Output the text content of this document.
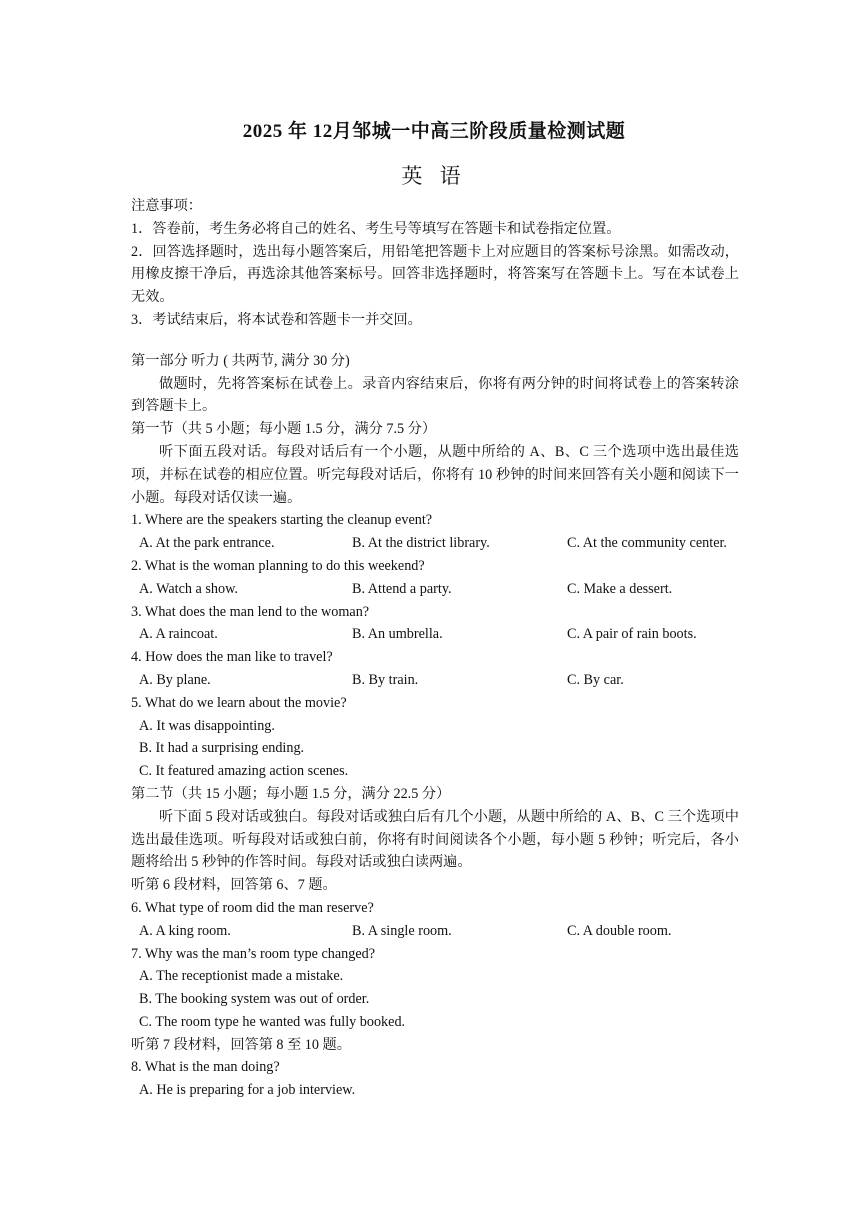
2025 年 12月邹城一中高三阶段质量检测试题
英 语
注意事项：
1．答卷前，考生务必将自己的姓名、考生号等填写在答题卡和试卷指定位置。
2．回答选择题时，选出每小题答案后，用铅笔把答题卡上对应题目的答案标号涂黑。如需改动，用橡皮擦干净后，再选涂其他答案标号。回答非选择题时，将答案写在答题卡上。写在本试卷上无效。
3．考试结束后，将本试卷和答题卡一并交回。
第一部分 听力 ( 共两节, 满分 30 分)
做题时，先将答案标在试卷上。录音内容结束后，你将有两分钟的时间将试卷上的答案转涂到答题卡上。
第一节（共 5 小题；每小题 1.5 分，满分 7.5 分）
听下面五段对话。每段对话后有一个小题，从题中所给的 A、B、C 三个选项中选出最佳选项，并标在试卷的相应位置。听完每段对话后，你将有 10 秒钟的时间来回答有关小题和阅读下一小题。每段对话仅读一遍。
1. Where are the speakers starting the cleanup event?
A. At the park entrance.	B. At the district library.	C. At the community center.
2. What is the woman planning to do this weekend?
A. Watch a show.	B. Attend a party.	C. Make a dessert.
3. What does the man lend to the woman?
A. A raincoat.	B. An umbrella.	C. A pair of rain boots.
4. How does the man like to travel?
A. By plane.	B. By train.	C. By car.
5. What do we learn about the movie?
A. It was disappointing.
B. It had a surprising ending.
C. It featured amazing action scenes.
第二节（共 15 小题；每小题 1.5 分，满分 22.5 分）
听下面 5 段对话或独白。每段对话或独白后有几个小题，从题中所给的 A、B、C 三个选项中选出最佳选项。听每段对话或独白前，你将有时间阅读各个小题，每小题 5 秒钟；听完后，各小题将给出 5 秒钟的作答时间。每段对话或独白读两遍。
听第 6 段材料，回答第 6、7 题。
6. What type of room did the man reserve?
A. A king room.	B. A single room.	C. A double room.
7. Why was the man’s room type changed?
A. The receptionist made a mistake.
B. The booking system was out of order.
C. The room type he wanted was fully booked.
听第 7 段材料，回答第 8 至 10 题。
8. What is the man doing?
A. He is preparing for a job interview.
